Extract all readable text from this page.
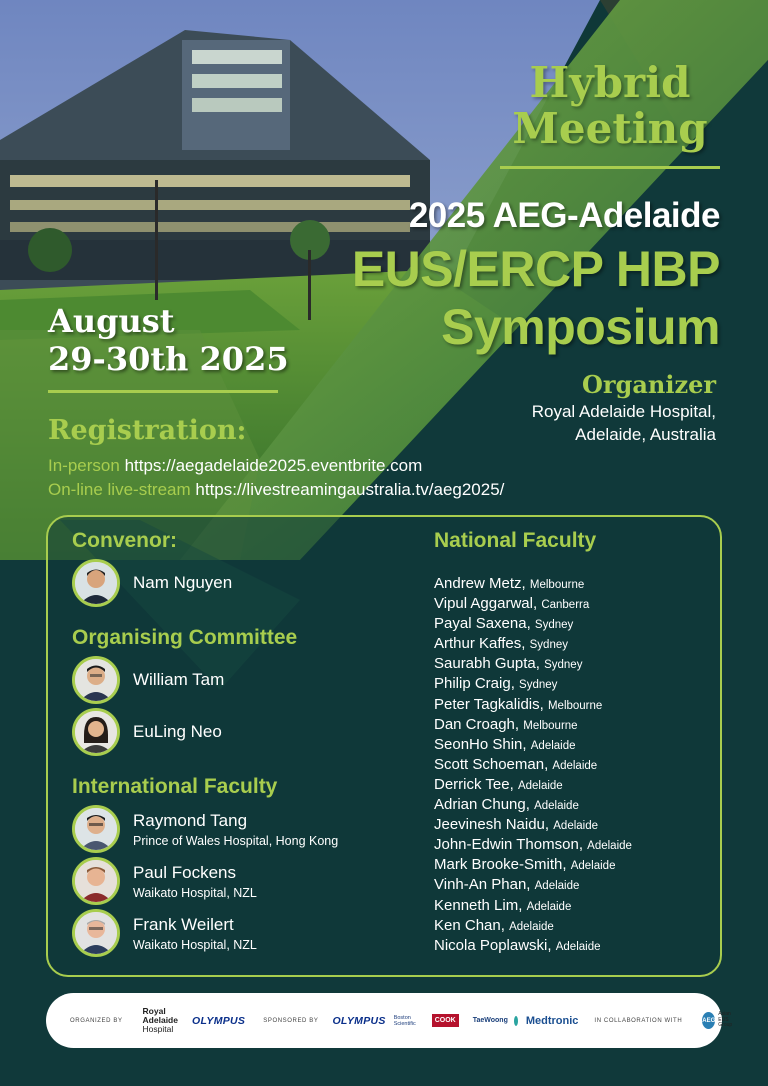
Hybrid
Meeting
2025 AEG-Adelaide
EUS/ERCP HBP
Symposium
August
29-30th 2025
Organizer
Royal Adelaide Hospital,
Adelaide, Australia
Registration:
In-person https://aegadelaide2025.eventbrite.com
On-line live-stream https://livestreamingaustralia.tv/aeg2025/
Convenor:
Nam Nguyen
Organising Committee
William Tam
EuLing Neo
International Faculty
Raymond Tang
Prince of Wales Hospital, Hong Kong
Paul Fockens
Waikato Hospital, NZL
Frank Weilert
Waikato Hospital, NZL
National Faculty
Andrew Metz, Melbourne
Vipul Aggarwal, Canberra
Payal Saxena, Sydney
Arthur Kaffes, Sydney
Saurabh Gupta, Sydney
Philip Craig, Sydney
Peter Tagkalidis, Melbourne
Dan Croagh, Melbourne
SeonHo Shin, Adelaide
Scott Schoeman, Adelaide
Derrick Tee, Adelaide
Adrian Chung, Adelaide
Jeevinesh Naidu, Adelaide
John-Edwin Thomson, Adelaide
Mark Brooke-Smith, Adelaide
Vinh-An Phan, Adelaide
Kenneth Lim, Adelaide
Ken Chan, Adelaide
Nicola Poplawski, Adelaide
ORGANIZED BY
Royal
Adelaide
Hospital
OLYMPUS	SPONSORED BY OLYMPUS Boston
Scientific	COOK	TaeWoong Medtronic	IN COLLABORATION WITH	AEG
Asian
EUS
Group
